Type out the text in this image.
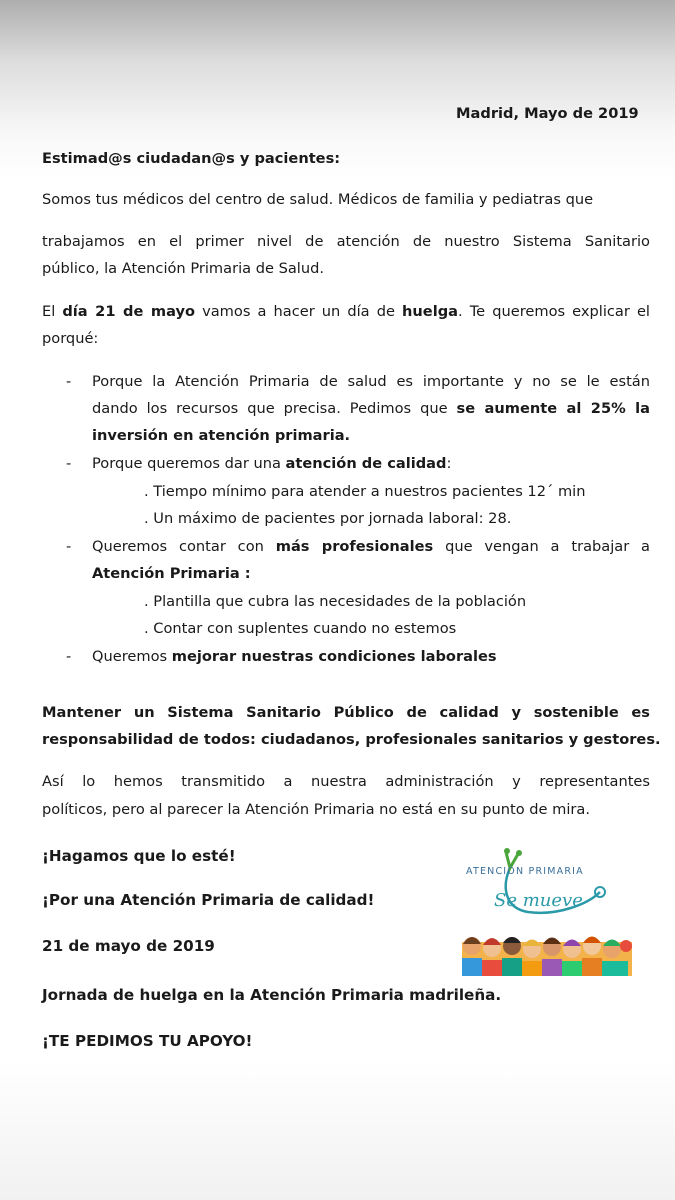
Madrid, Mayo de 2019
Estimad@s ciudadan@s y pacientes:
Somos tus médicos del centro de salud. Médicos de familia y pediatras que
trabajamos en el primer nivel de atención de nuestro Sistema Sanitario
público, la Atención Primaria de Salud.
El día 21 de mayo vamos a hacer un día de huelga. Te queremos explicar el
porqué:
- Porque la Atención Primaria de salud es importante y no se le están
dando los recursos que precisa. Pedimos que se aumente al 25% la
inversión en atención primaria.
- Porque queremos dar una atención de calidad:
. Tiempo mínimo para atender a nuestros pacientes 12´ min
. Un máximo de pacientes por jornada laboral: 28.
- Queremos contar con más profesionales que vengan a trabajar a
Atención Primaria :
. Plantilla que cubra las necesidades de la población
. Contar con suplentes cuando no estemos
- Queremos mejorar nuestras condiciones laborales
Mantener un Sistema Sanitario Público de calidad y sostenible es
responsabilidad de todos: ciudadanos, profesionales sanitarios y gestores.
Así lo hemos transmitido a nuestra administración y representantes
políticos, pero al parecer la Atención Primaria no está en su punto de mira.
¡Hagamos que lo esté!
¡Por una Atención Primaria de calidad!
21 de mayo de 2019
Jornada de huelga en la Atención Primaria madrileña.
¡TE PEDIMOS TU APOYO!
ATENCIÓN PRIMARIA
Se mueve
